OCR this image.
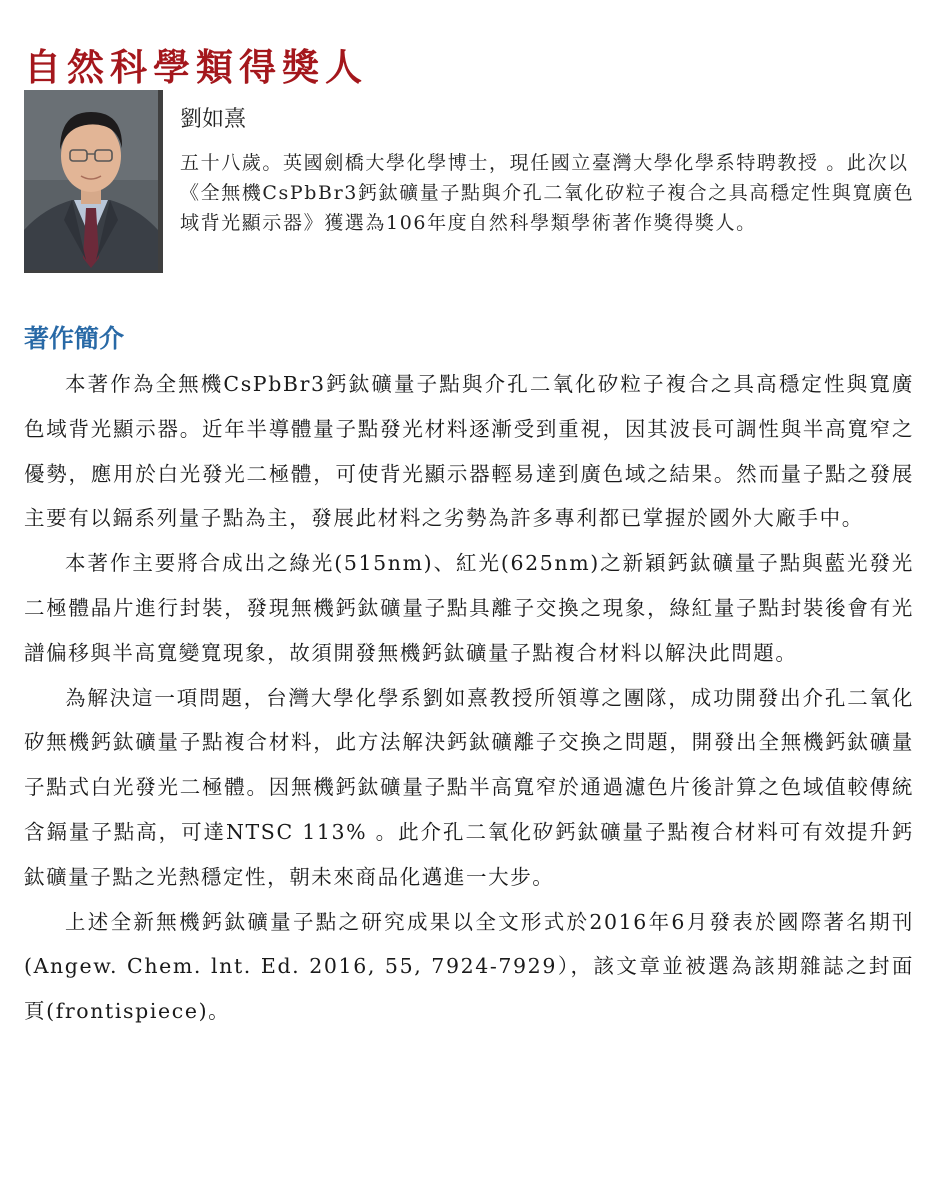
自然科學類得獎人
劉如熹

五十八歲。英國劍橋大學化學博士，現任國立臺灣大學化學系特聘教授 。此次以《全無機CsPbBr3鈣鈦礦量子點與介孔二氧化矽粒子複合之具高穩定性與寬廣色域背光顯示器》獲選為106年度自然科學類學術著作獎得獎人。

著作簡介

本著作為全無機CsPbBr3鈣鈦礦量子點與介孔二氧化矽粒子複合之具高穩定性與寬廣色域背光顯示器。近年半導體量子點發光材料逐漸受到重視，因其波長可調性與半高寬窄之優勢，應用於白光發光二極體，可使背光顯示器輕易達到廣色域之結果。然而量子點之發展主要有以鎘系列量子點為主，發展此材料之劣勢為許多專利都已掌握於國外大廠手中。

本著作主要將合成出之綠光(515nm)、紅光(625nm)之新穎鈣鈦礦量子點與藍光發光二極體晶片進行封裝，發現無機鈣鈦礦量子點具離子交換之現象，綠紅量子點封裝後會有光譜偏移與半高寬變寬現象，故須開發無機鈣鈦礦量子點複合材料以解決此問題。

為解決這一項問題，台灣大學化學系劉如熹教授所領導之團隊，成功開發出介孔二氧化矽無機鈣鈦礦量子點複合材料，此方法解決鈣鈦礦離子交換之問題，開發出全無機鈣鈦礦量子點式白光發光二極體。因無機鈣鈦礦量子點半高寬窄於通過濾色片後計算之色域值較傳統含鎘量子點高，可達NTSC 113% 。此介孔二氧化矽鈣鈦礦量子點複合材料可有效提升鈣鈦礦量子點之光熱穩定性，朝未來商品化邁進一大步。

上述全新無機鈣鈦礦量子點之研究成果以全文形式於2016年6月發表於國際著名期刊(Angew. Chem. lnt. Ed. 2016, 55, 7924-7929），該文章並被選為該期雜誌之封面頁(frontispiece)。
